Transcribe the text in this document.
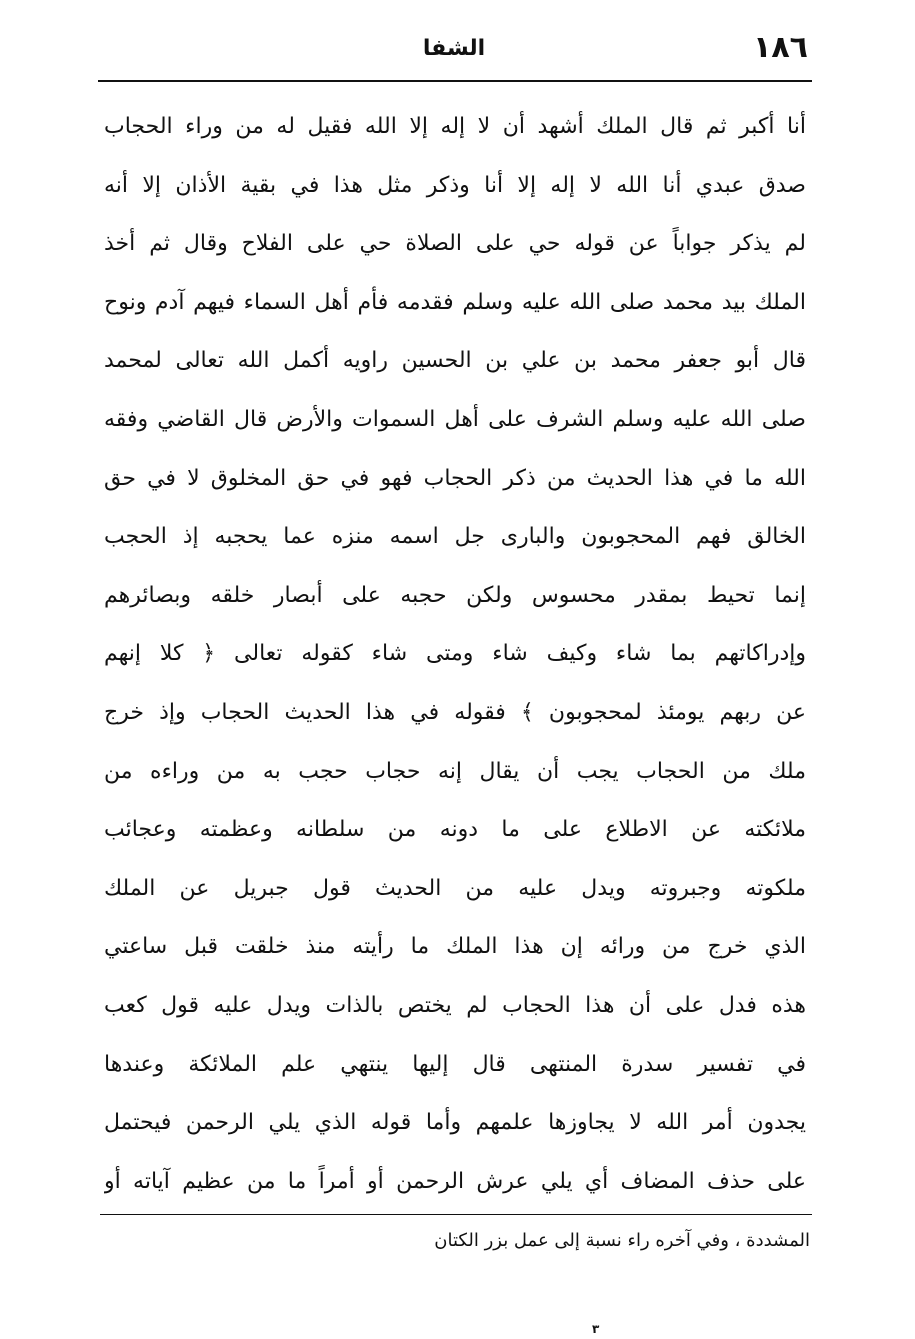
١٨٦
الشفا
أنا أكبر ثم قال الملك أشهد أن لا إله إلا الله فقيل له من وراء الحجاب
صدق عبدي أنا الله لا إله إلا أنا وذكر مثل هذا في بقية الأذان إلا أنه
لم يذكر جواباً عن قوله حي على الصلاة حي على الفلاح وقال ثم أخذ
الملك بيد محمد صلى الله عليه وسلم فقدمه فأم أهل السماء فيهم آدم ونوح
قال أبو جعفر محمد بن علي بن الحسين راويه أكمل الله تعالى لمحمد
صلى الله عليه وسلم الشرف على أهل السموات والأرض قال القاضي وفقه
الله ما في هذا الحديث من ذكر الحجاب فهو في حق المخلوق لا في حق
الخالق فهم المحجوبون والبارى جل اسمه منزه عما يحجبه إذ الحجب
إنما تحيط بمقدر محسوس ولكن حجبه على أبصار خلقه وبصائرهم
وإدراكاتهم بما شاء وكيف شاء ومتى شاء كقوله تعالى ﴿ كلا إنهم
عن ربهم يومئذ لمحجوبون ﴾ فقوله في هذا الحديث الحجاب وإذ خرج
ملك من الحجاب يجب أن يقال إنه حجاب حجب به من وراءه من
ملائكته عن الاطلاع على ما دونه من سلطانه وعظمته وعجائب
ملكوته وجبروته ويدل عليه من الحديث قول جبريل عن الملك
الذي خرج من ورائه إن هذا الملك ما رأيته منذ خلقت قبل ساعتي
هذه فدل على أن هذا الحجاب لم يختص بالذات ويدل عليه قول كعب
في تفسير سدرة المنتهى قال إليها ينتهي علم الملائكة وعندها
يجدون أمر الله لا يجاوزها علمهم وأما قوله الذي يلي الرحمن فيحتمل
على حذف المضاف أي يلي عرش الرحمن أو أمراً ما من عظيم آياته أو
المشددة ، وفي آخره راء نسبة إلى عمل بزر الكتان
٣
